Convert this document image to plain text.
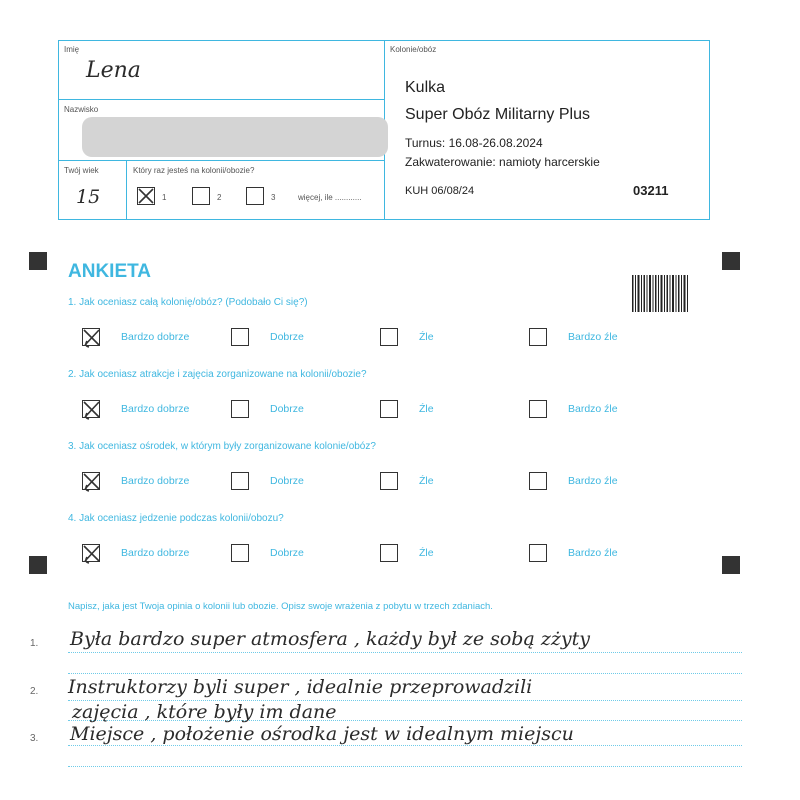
Imię
Lena
Nazwisko
Twój wiek
15
Który raz jesteś na kolonii/obozie?
1	2	3	więcej, ile ............
Kolonie/obóz
Kulka
Super Obóz Militarny Plus
Turnus: 16.08-26.08.2024
Zakwaterowanie: namioty harcerskie
KUH 06/08/24	03211
ANKIETA
1. Jak oceniasz całą kolonię/obóz? (Podobało Ci się?)
Bardzo dobrze	Dobrze	Źle	Bardzo źle
2. Jak oceniasz atrakcje i zajęcia zorganizowane na kolonii/obozie?
Bardzo dobrze	Dobrze	Źle	Bardzo źle
3. Jak oceniasz ośrodek, w którym były zorganizowane kolonie/obóz?
Bardzo dobrze	Dobrze	Źle	Bardzo źle
4. Jak oceniasz jedzenie podczas kolonii/obozu?
Bardzo dobrze	Dobrze	Źle	Bardzo źle
Napisz, jaka jest Twoja opinia o kolonii lub obozie. Opisz swoje wrażenia z pobytu w trzech zdaniach.
1.
2.
3.
Była bardzo super atmosfera , każdy był ze sobą zżyty
Instruktorzy byli super , idealnie przeprowadzili
zajęcia , które były im dane
Miejsce , położenie ośrodka jest w idealnym miejscu
